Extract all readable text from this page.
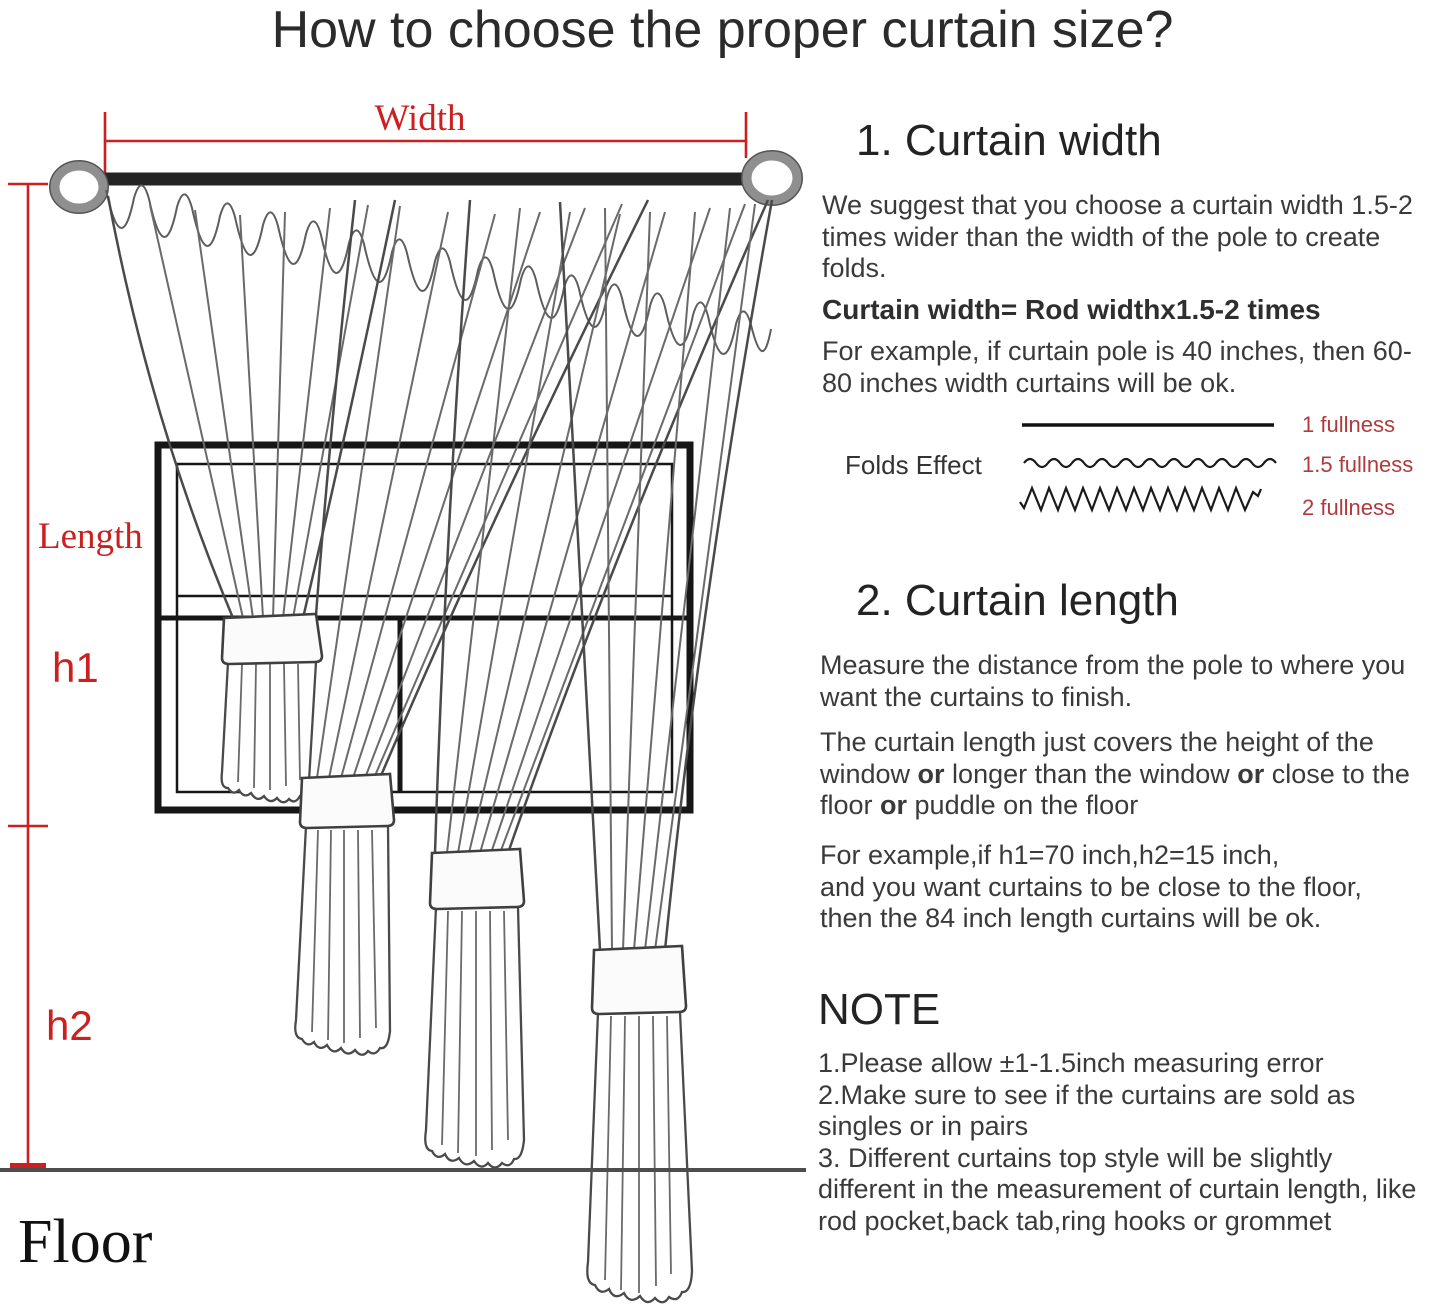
How to choose the proper curtain size?
Width
Length
h1
h2
Floor
1. Curtain width
We suggest that you choose a curtain width 1.5-2 times wider than the width of the pole to create folds.
Curtain width= Rod widthx1.5-2 times
For example, if curtain pole is 40 inches, then 60-80 inches width curtains will be ok.
Folds Effect
1 fullness
1.5 fullness
2 fullness
2. Curtain length
Measure the distance from the pole to where you want the curtains to finish.
The curtain length just covers the height of the window or longer than the window or close to the floor or puddle on the floor
For example,if h1=70 inch,h2=15 inch,
and you want curtains to be close to the floor,
then the 84 inch length curtains will be ok.
NOTE

1.Please allow ±1-1.5inch measuring error

2.Make sure to see if the curtains are sold as singles or in pairs

3. Different curtains top style will be slightly different in the measurement of curtain length, like rod pocket,back tab,ring hooks or grommet
